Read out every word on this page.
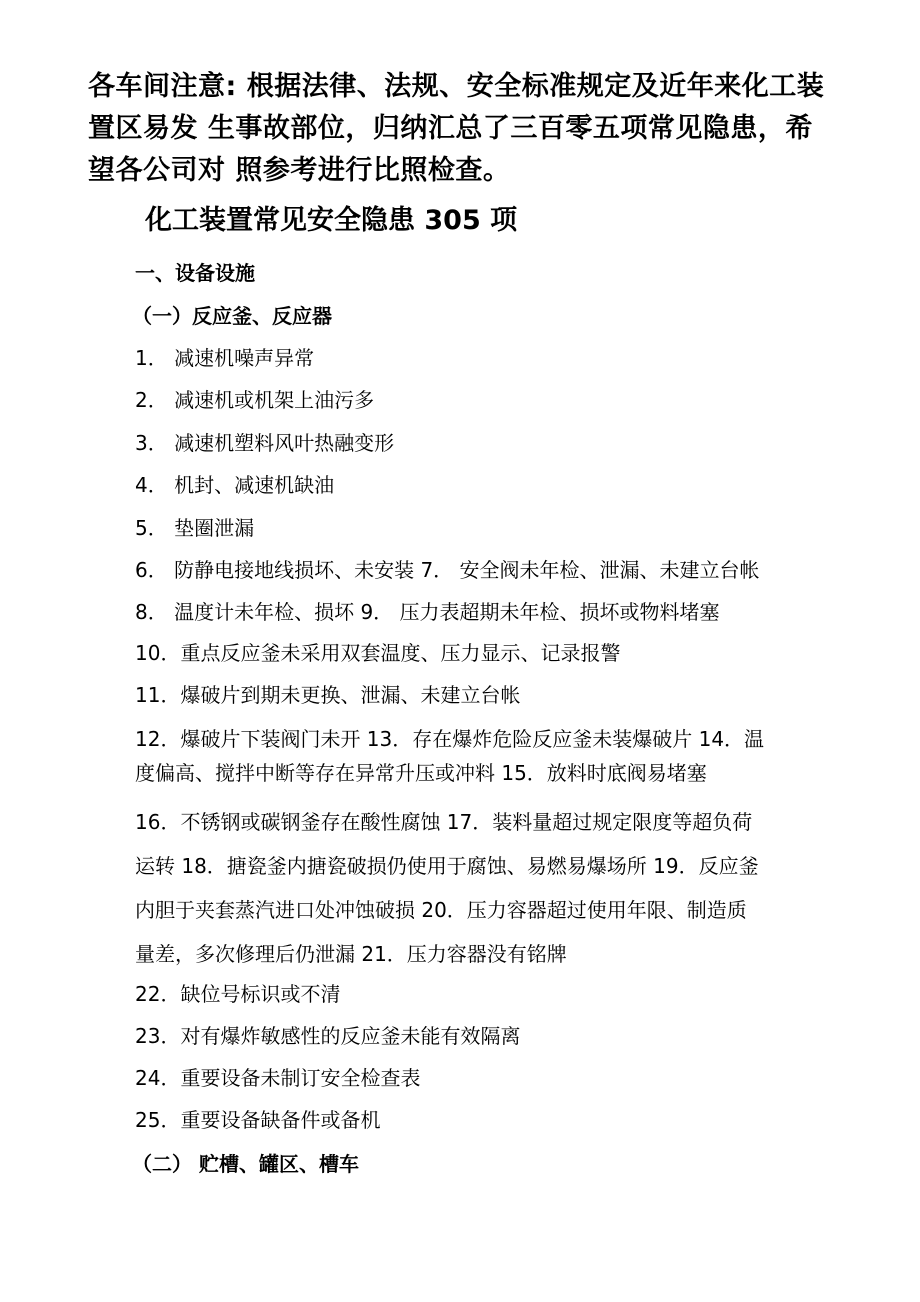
各车间注意: 根据法律、法规、安全标准规定及近年来化工装
置区易发 生事故部位，归纳汇总了三百零五项常见隐患，希
望各公司对 照参考进行比照检查。
化工装置常见安全隐患 305 项
一、设备设施
（一）反应釜、反应器
1． 减速机噪声异常
2． 减速机或机架上油污多
3． 减速机塑料风叶热融变形
4． 机封、减速机缺油
5． 垫圈泄漏
6． 防静电接地线损坏、未安装 7． 安全阀未年检、泄漏、未建立台帐
8． 温度计未年检、损坏 9． 压力表超期未年检、损坏或物料堵塞
10．重点反应釜未采用双套温度、压力显示、记录报警
11．爆破片到期未更换、泄漏、未建立台帐
12．爆破片下装阀门未开 13．存在爆炸危险反应釜未装爆破片 14．温
度偏高、搅拌中断等存在异常升压或冲料 15．放料时底阀易堵塞
16．不锈钢或碳钢釜存在酸性腐蚀 17．装料量超过规定限度等超负荷
运转 18．搪瓷釜内搪瓷破损仍使用于腐蚀、易燃易爆场所 19．反应釜
内胆于夹套蒸汽进口处冲蚀破损 20．压力容器超过使用年限、制造质
量差，多次修理后仍泄漏 21．压力容器没有铭牌
22．缺位号标识或不清
23．对有爆炸敏感性的反应釜未能有效隔离
24．重要设备未制订安全检查表
25．重要设备缺备件或备机
（二） 贮槽、罐区、槽车
